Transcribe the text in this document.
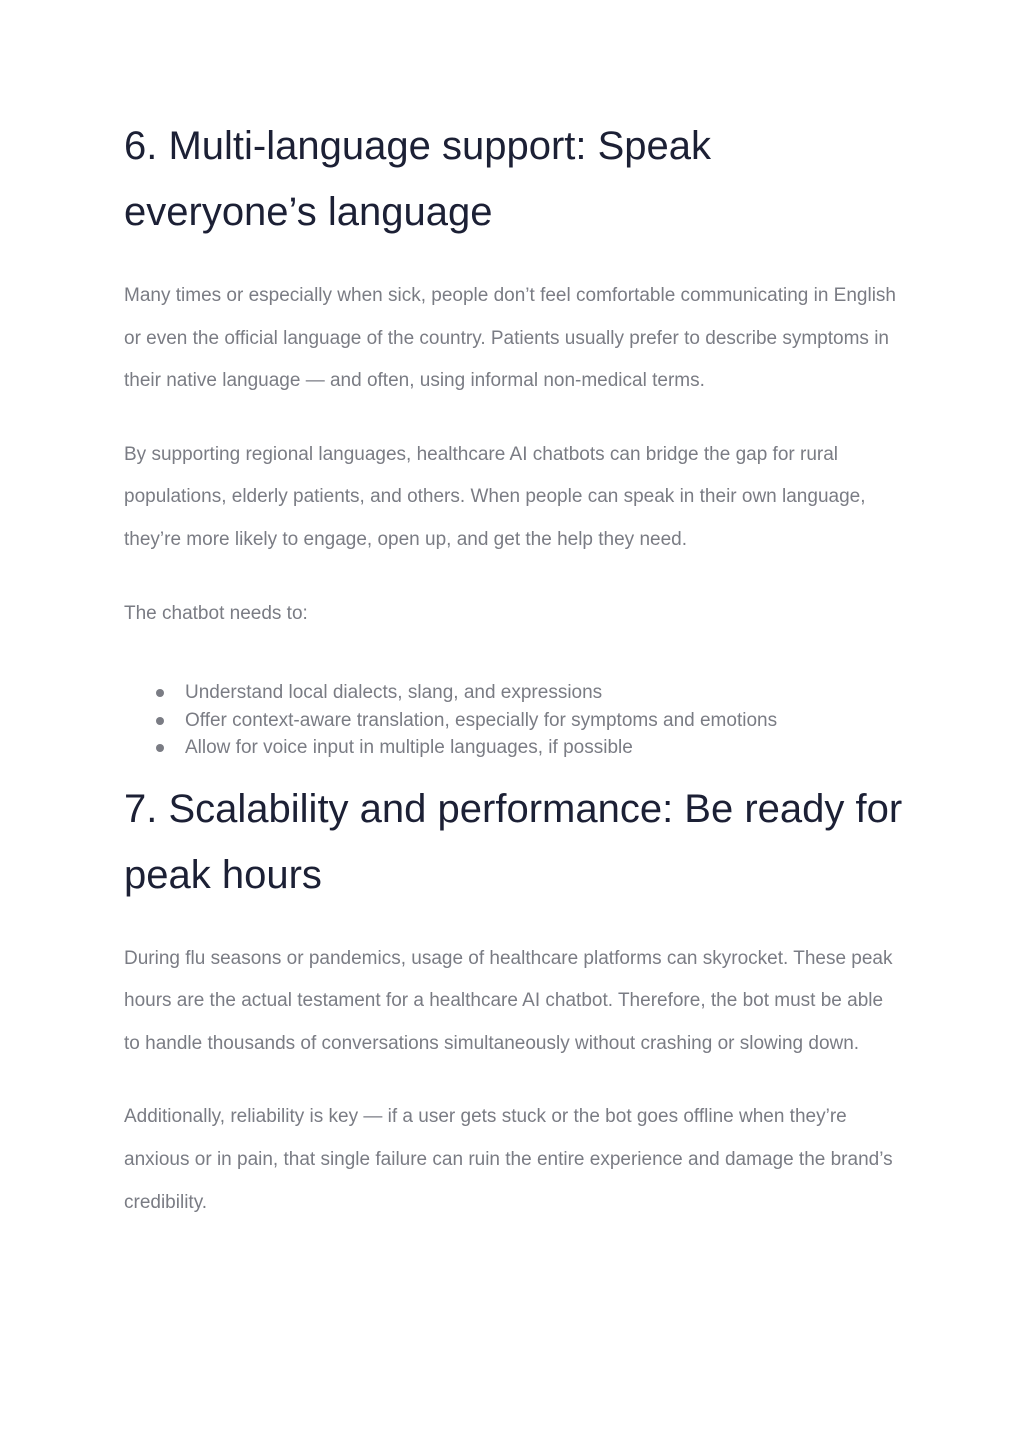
6. Multi-language support: Speak everyone’s language

Many times or especially when sick, people don’t feel comfortable communicating in English or even the official language of the country. Patients usually prefer to describe symptoms in their native language — and often, using informal non-medical terms.

By supporting regional languages, healthcare AI chatbots can bridge the gap for rural populations, elderly patients, and others. When people can speak in their own language, they’re more likely to engage, open up, and get the help they need.

The chatbot needs to:

Understand local dialects, slang, and expressions
Offer context-aware translation, especially for symptoms and emotions
Allow for voice input in multiple languages, if possible
7. Scalability and performance: Be ready for peak hours

During flu seasons or pandemics, usage of healthcare platforms can skyrocket. These peak hours are the actual testament for a healthcare AI chatbot. Therefore, the bot must be able to handle thousands of conversations simultaneously without crashing or slowing down.

Additionally, reliability is key — if a user gets stuck or the bot goes offline when they’re anxious or in pain, that single failure can ruin the entire experience and damage the brand’s credibility.
